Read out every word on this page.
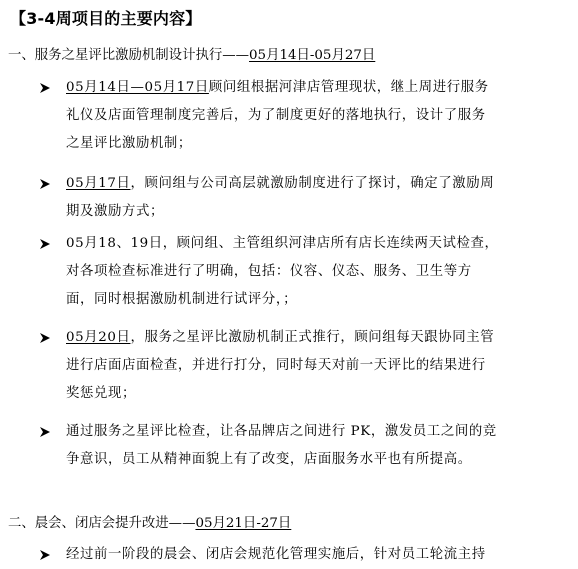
【3-4周项目的主要内容】
一、服务之星评比激励机制设计执行——05月14日-05月27日
05月14日—05月17日顾问组根据河津店管理现状，继上周进行服务
礼仪及店面管理制度完善后，为了制度更好的落地执行，设计了服务
之星评比激励机制；
05月17日，顾问组与公司高层就激励制度进行了探讨，确定了激励周
期及激励方式；
05月18、19日，顾问组、主管组织河津店所有店长连续两天试检查，
对各项检查标准进行了明确，包括：仪容、仪态、服务、卫生等方
面，同时根据激励机制进行试评分，；
05月20日，服务之星评比激励机制正式推行，顾问组每天跟协同主管
进行店面店面检查，并进行打分，同时每天对前一天评比的结果进行
奖惩兑现；
通过服务之星评比检查，让各品牌店之间进行 PK，激发员工之间的竞
争意识，员工从精神面貌上有了改变，店面服务水平也有所提高。
二、晨会、闭店会提升改进——05月21日-27日
经过前一阶段的晨会、闭店会规范化管理实施后，针对员工轮流主持
